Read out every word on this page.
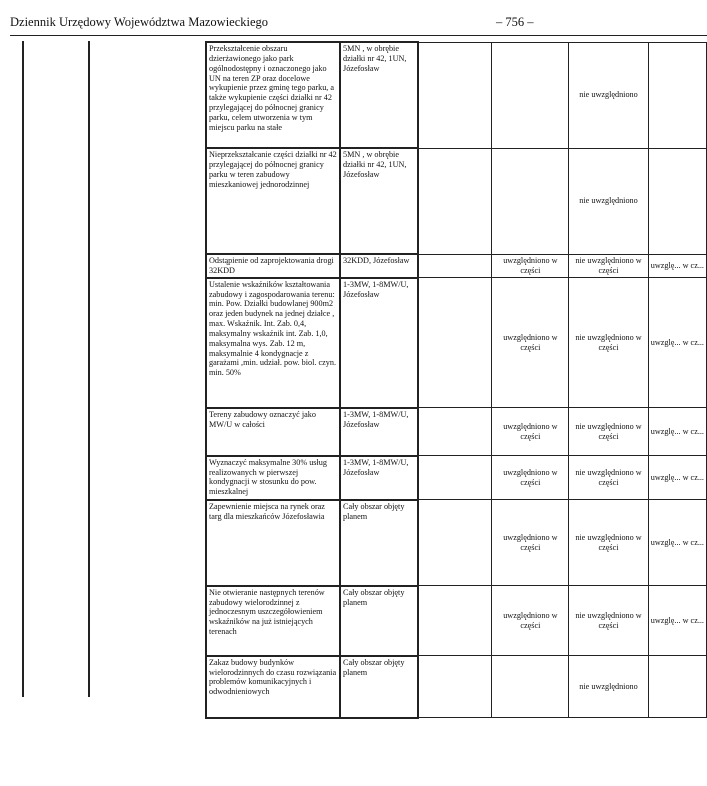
Dziennik Urzędowy Województwa Mazowieckiego	– 756 –
Przekształcenie obszaru dzierżawionego jako park ogólnodostępny i oznaczonego jako UN na teren ZP oraz docelowe wykupienie przez gminę tego parku, a także wykupienie części działki nr 42 przylegającej do północnej granicy parku, celem utworzenia w tym miejscu parku na stałe	5MN , w obrębie działki nr 42, 1UN, Józefosław			nie uwzględniono	
Nieprzekształcanie części działki nr 42 przylegającej do północnej granicy parku w teren zabudowy mieszkaniowej jednorodzinnej	5MN , w obrębie działki nr 42, 1UN, Józefosław			nie uwzględniono	
Odstąpienie od zaprojektowania drogi 32KDD	32KDD, Józefosław		uwzględniono w części	nie uwzględniono w części	uwzglę... w cz...
Ustalenie wskaźników kształtowania zabudowy i zagospodarowania terenu: min. Pow. Działki budowlanej 900m2 oraz jeden budynek na jednej działce , max. Wskaźnik. Int. Zab. 0,4, maksymalny wskaźnik int. Zab. 1,0, maksymalna wys. Zab. 12 m, maksymalnie 4 kondygnacje z garażami ,min. udział. pow. biol. czyn. min. 50%	1-3MW, 1-8MW/U, Józefosław		uwzględniono w części	nie uwzględniono w części	uwzglę... w cz...
Tereny zabudowy oznaczyć jako MW/U w całości	1-3MW, 1-8MW/U, Józefosław		uwzględniono w części	nie uwzględniono w części	uwzglę... w cz...
Wyznaczyć maksymalne 30% usług realizowanych w pierwszej kondygnacji w stosunku do pow. mieszkalnej	1-3MW, 1-8MW/U, Józefosław		uwzględniono w części	nie uwzględniono w części	uwzglę... w cz...
Zapewnienie miejsca na rynek oraz targ dla mieszkańców Józefosławia	Cały obszar objęty planem		uwzględniono w części	nie uwzględniono w części	uwzglę... w cz...
Nie otwieranie następnych terenów zabudowy wielorodzinnej z jednoczesnym uszczegółowieniem wskaźników na już istniejących terenach	Cały obszar objęty planem		uwzględniono w części	nie uwzględniono w części	uwzglę... w cz...
Zakaz budowy budynków wielorodzinnych do czasu rozwiązania problemów komunikacyjnych i odwodnieniowych	Cały obszar objęty planem			nie uwzględniono	
